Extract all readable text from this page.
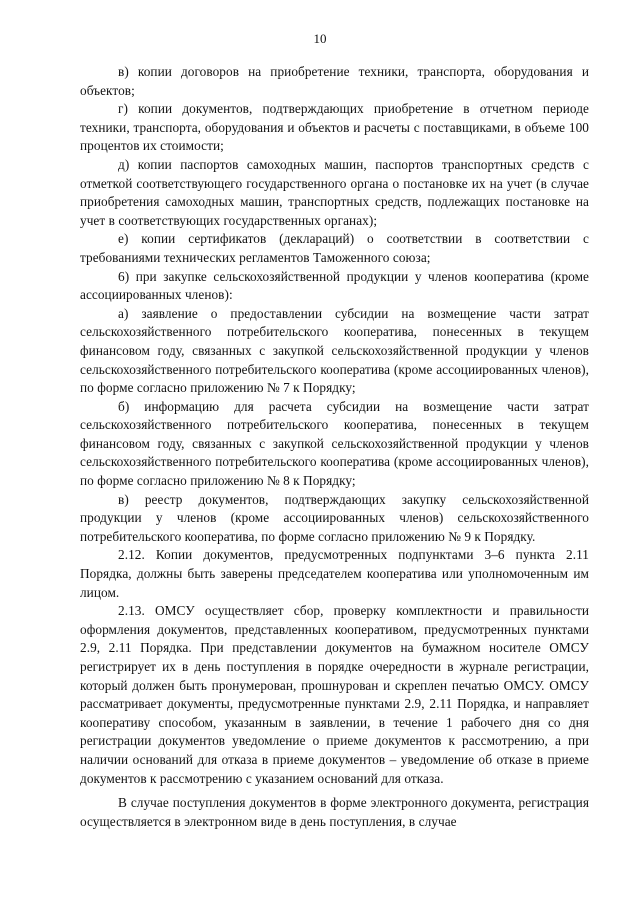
10

в) копии договоров на приобретение техники, транспорта, оборудования и объектов;

г) копии документов, подтверждающих приобретение в отчетном периоде техники, транспорта, оборудования и объектов и расчеты с поставщиками, в объеме 100 процентов их стоимости;

д) копии паспортов самоходных машин, паспортов транспортных средств с отметкой соответствующего государственного органа о постановке их на учет (в случае приобретения самоходных машин, транспортных средств, подлежащих постановке на учет в соответствующих государственных органах);

е) копии сертификатов (деклараций) о соответствии в соответствии с требованиями технических регламентов Таможенного союза;

6) при закупке сельскохозяйственной продукции у членов кооператива (кроме ассоциированных членов):

а) заявление о предоставлении субсидии на возмещение части затрат сельскохозяйственного потребительского кооператива, понесенных в текущем финансовом году, связанных с закупкой сельскохозяйственной продукции у членов сельскохозяйственного потребительского кооператива (кроме ассоциированных членов), по форме согласно приложению № 7 к Порядку;

б) информацию для расчета субсидии на возмещение части затрат сельскохозяйственного потребительского кооператива, понесенных в текущем финансовом году, связанных с закупкой сельскохозяйственной продукции у членов сельскохозяйственного потребительского кооператива (кроме ассоциированных членов), по форме согласно приложению № 8 к Порядку;

в) реестр документов, подтверждающих закупку сельскохозяйственной продукции у членов (кроме ассоциированных членов) сельскохозяйственного потребительского кооператива, по форме согласно приложению № 9 к Порядку.

2.12. Копии документов, предусмотренных подпунктами 3–6 пункта 2.11 Порядка, должны быть заверены председателем кооператива или уполномоченным им лицом.

2.13. ОМСУ осуществляет сбор, проверку комплектности и правильности оформления документов, представленных кооперативом, предусмотренных пунктами 2.9, 2.11 Порядка. При представлении документов на бумажном носителе ОМСУ регистрирует их в день поступления в порядке очередности в журнале регистрации, который должен быть пронумерован, прошнурован и скреплен печатью ОМСУ. ОМСУ рассматривает документы, предусмотренные пунктами 2.9, 2.11 Порядка, и направляет кооперативу способом, указанным в заявлении, в течение 1 рабочего дня со дня регистрации документов уведомление о приеме документов к рассмотрению, а при наличии оснований для отказа в приеме документов – уведомление об отказе в приеме документов к рассмотрению с указанием оснований для отказа.

В случае поступления документов в форме электронного документа, регистрация осуществляется в электронном виде в день поступления, в случае
